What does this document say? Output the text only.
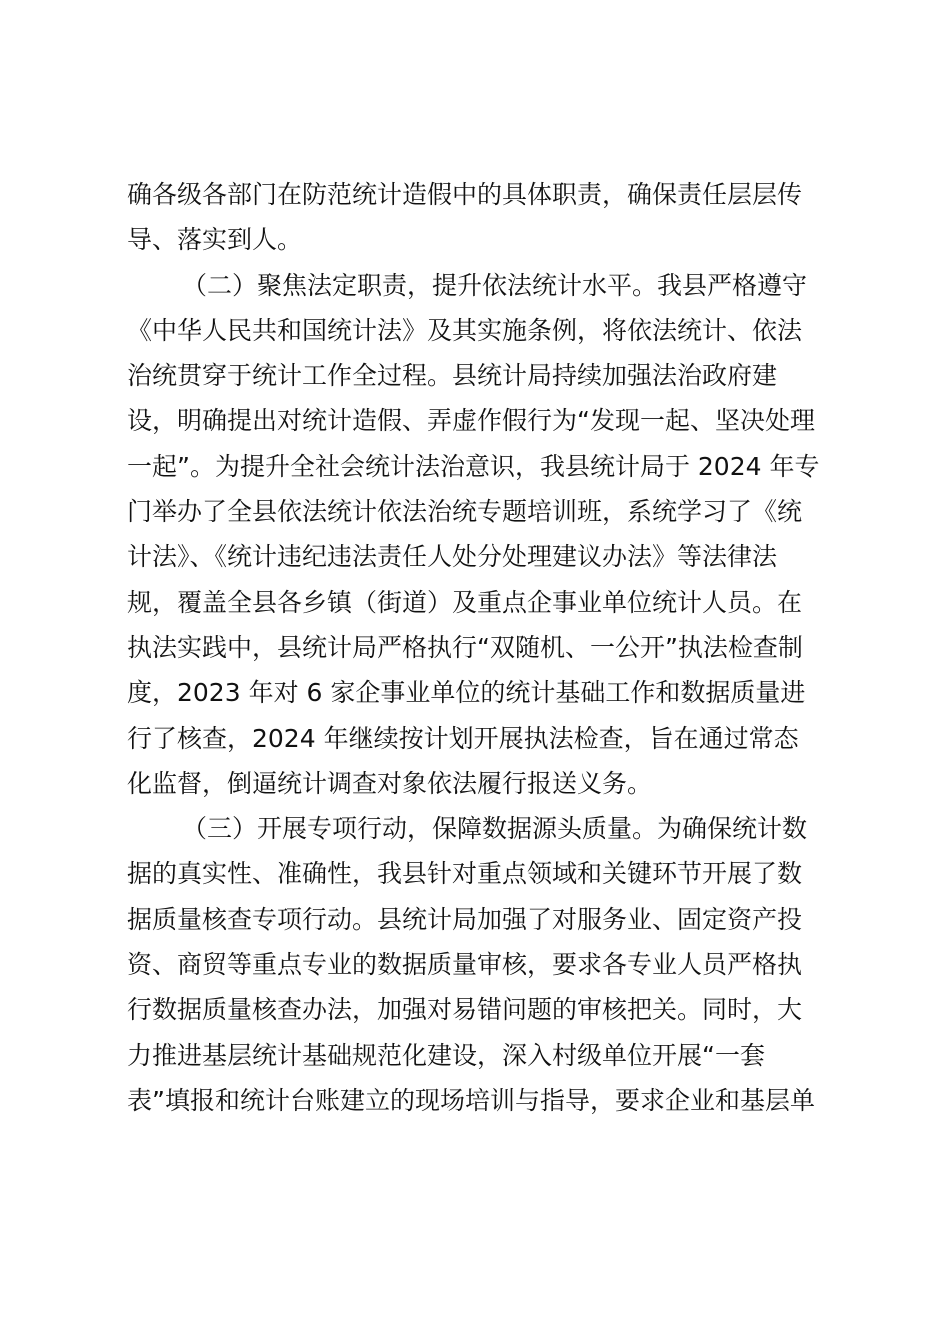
确各级各部门在防范统计造假中的具体职责，确保责任层层传
导、落实到人。
（二）聚焦法定职责，提升依法统计水平。我县严格遵守
《中华人民共和国统计法》及其实施条例，将依法统计、依法
治统贯穿于统计工作全过程。县统计局持续加强法治政府建
设，明确提出对统计造假、弄虚作假行为“发现一起、坚决处理
一起”。为提升全社会统计法治意识，我县统计局于 2024 年专
门举办了全县依法统计依法治统专题培训班，系统学习了《统
计法》、《统计违纪违法责任人处分处理建议办法》等法律法
规，覆盖全县各乡镇（街道）及重点企事业单位统计人员。在
执法实践中，县统计局严格执行“双随机、一公开”执法检查制
度，2023 年对 6 家企事业单位的统计基础工作和数据质量进
行了核查，2024 年继续按计划开展执法检查，旨在通过常态
化监督，倒逼统计调查对象依法履行报送义务。
（三）开展专项行动，保障数据源头质量。为确保统计数
据的真实性、准确性，我县针对重点领域和关键环节开展了数
据质量核查专项行动。县统计局加强了对服务业、固定资产投
资、商贸等重点专业的数据质量审核，要求各专业人员严格执
行数据质量核查办法，加强对易错问题的审核把关。同时，大
力推进基层统计基础规范化建设，深入村级单位开展“一套
表”填报和统计台账建立的现场培训与指导，要求企业和基层单
